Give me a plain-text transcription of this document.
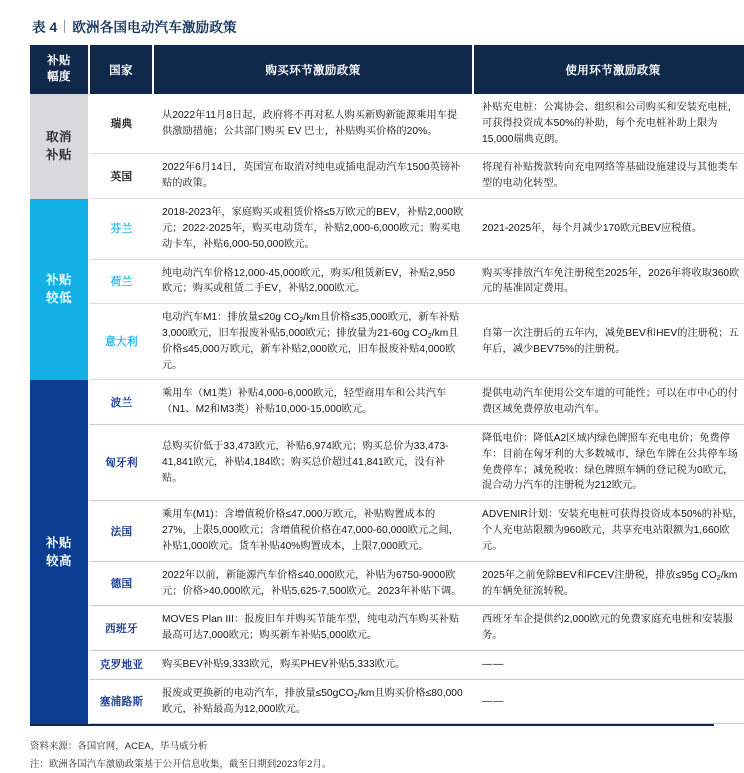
表 4 欧洲各国电动汽车激励政策
补贴
幅度	国家	购买环节激励政策	使用环节激励政策
取消
补贴	瑞典	从2022年11月8日起，政府将不再对私人购买新购新能源乘用车提供激励措施；公共部门购买 EV 巴士，补贴购买价格的20%。	补贴充电桩：公寓协会、组织和公司购买和安装充电桩，可获得投资成本50%的补助，每个充电桩补助上限为15,000瑞典克朗。
	英国	2022年6月14日，英国宣布取消对纯电或插电混动汽车1500英镑补贴的政策。	将现有补贴拨款转向充电网络等基础设施建设与其他类车型的电动化转型。
补贴
较低	芬兰	2018-2023年，家庭购买或租赁价格≤5万欧元的BEV，补贴2,000欧元；2022-2025年，购买电动货车，补贴2,000-6,000欧元；购买电动卡车，补贴6,000-50,000欧元。	2021-2025年，每个月减少170欧元BEV应税值。
	荷兰	纯电动汽车价格12,000-45,000欧元，购买/租赁新EV，补贴2,950欧元；购买或租赁二手EV，补贴2,000欧元。	购买零排放汽车免注册税至2025年，2026年将收取360欧元的基准固定费用。
	意大利	电动汽车M1：排放量≤20g $CO_2/km$且价格≤35,000欧元，新车补贴3,000欧元，旧车报废补贴5,000欧元；排放量为21-60g $CO_2/km$且价格≤45,000万欧元，新车补贴2,000欧元，旧车报废补贴4,000欧元。	自第一次注册后的五年内，减免BEV和HEV的注册税；五年后，减少BEV75%的注册税。
补贴
较高	波兰	乘用车（M1类）补贴4,000-6,000欧元，轻型商用车和公共汽车（N1、M2和M3类）补贴10,000-15,000欧元。	提供电动汽车使用公交车道的可能性；可以在市中心的付费区域免费停放电动汽车。
	匈牙利	总购买价低于33,473欧元，补贴6,974欧元；购买总价为33,473-41,841欧元，补贴4,184欧；购买总价超过41,841欧元，没有补贴。	降低电价：降低A2区域内绿色牌照车充电电价；免费停车：目前在匈牙利的大多数城市，绿色车牌在公共停车场免费停车；减免税收：绿色牌照车辆的登记税为0欧元，混合动力汽车的注册税为212欧元。
	法国	乘用车(M1)：含增值税价格≤47,000万欧元，补贴购置成本的27%，上限5,000欧元；含增值税价格在47,000-60,000欧元之间，补贴1,000欧元。货车补贴40%购置成本，上限7,000欧元。	ADVENIR计划：安装充电桩可获得投资成本50%的补贴，个人充电站限额为960欧元，共享充电站限额为1,660欧元。
	德国	2022年以前，新能源汽车价格≤40,000欧元，补贴为6750-9000欧元；价格>40,000欧元，补贴5,625-7,500欧元。2023年补贴下调。	2025年之前免除BEV和FCEV注册税，排放≤95g $CO_2/km$的车辆免征流转税。
	西班牙	MOVES Plan III：报废旧车并购买节能车型，纯电动汽车购买补贴最高可达7,000欧元；购买新车补贴5,000欧元。	西班牙车企提供约2,000欧元的免费家庭充电桩和安装服务。
	克罗地亚	购买BEV补贴9,333欧元，购买PHEV补贴5,333欧元。	——
	塞浦路斯	报废或更换新的电动汽车，排放量≤50gCO$_2$/km且购买价格≤80,000欧元，补贴最高为12,000欧元。	——
资料来源：各国官网，ACEA，毕马威分析
注：欧洲各国汽车激励政策基于公开信息收集，截至日期到2023年2月。
